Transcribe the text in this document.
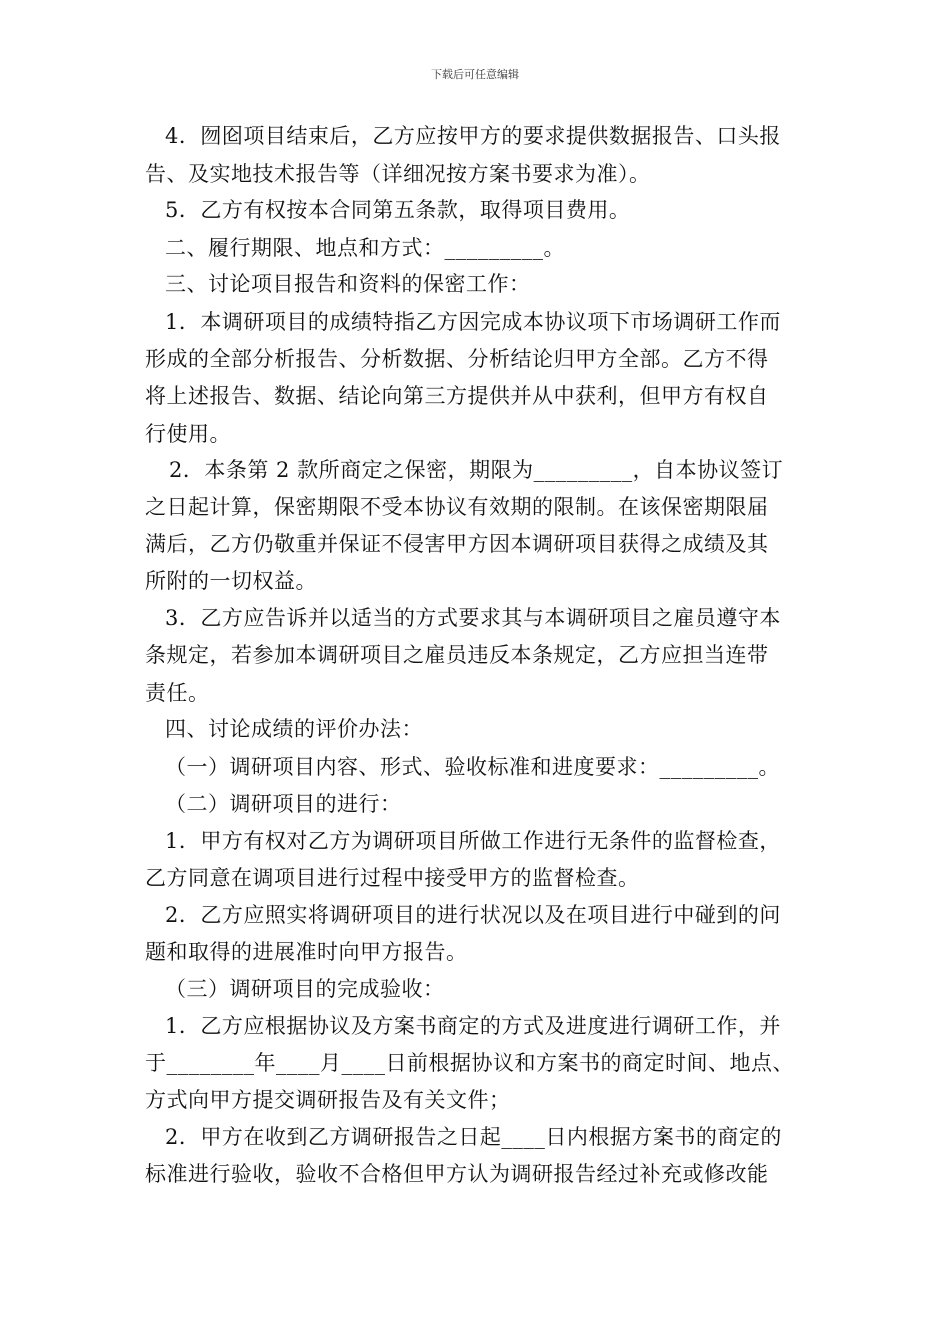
下载后可任意编辑
4．囫囵项目结束后，乙方应按甲方的要求提供数据报告、口头报
告、及实地技术报告等（详细况按方案书要求为准）。
5．乙方有权按本合同第五条款，取得项目费用。
二、履行期限、地点和方式：_________。
三、讨论项目报告和资料的保密工作：
1．本调研项目的成绩特指乙方因完成本协议项下市场调研工作而
形成的全部分析报告、分析数据、分析结论归甲方全部。乙方不得
将上述报告、数据、结论向第三方提供并从中获利，但甲方有权自
行使用。
2．本条第 2 款所商定之保密，期限为_________，自本协议签订
之日起计算，保密期限不受本协议有效期的限制。在该保密期限届
满后，乙方仍敬重并保证不侵害甲方因本调研项目获得之成绩及其
所附的一切权益。
3．乙方应告诉并以适当的方式要求其与本调研项目之雇员遵守本
条规定，若参加本调研项目之雇员违反本条规定，乙方应担当连带
责任。
四、讨论成绩的评价办法：
（一）调研项目内容、形式、验收标准和进度要求：_________。
（二）调研项目的进行：
1．甲方有权对乙方为调研项目所做工作进行无条件的监督检查，
乙方同意在调项目进行过程中接受甲方的监督检查。
2．乙方应照实将调研项目的进行状况以及在项目进行中碰到的问
题和取得的进展准时向甲方报告。
（三）调研项目的完成验收：
1．乙方应根据协议及方案书商定的方式及进度进行调研工作，并
于________年____月____日前根据协议和方案书的商定时间、地点、
方式向甲方提交调研报告及有关文件；
2．甲方在收到乙方调研报告之日起____日内根据方案书的商定的
标准进行验收，验收不合格但甲方认为调研报告经过补充或修改能
